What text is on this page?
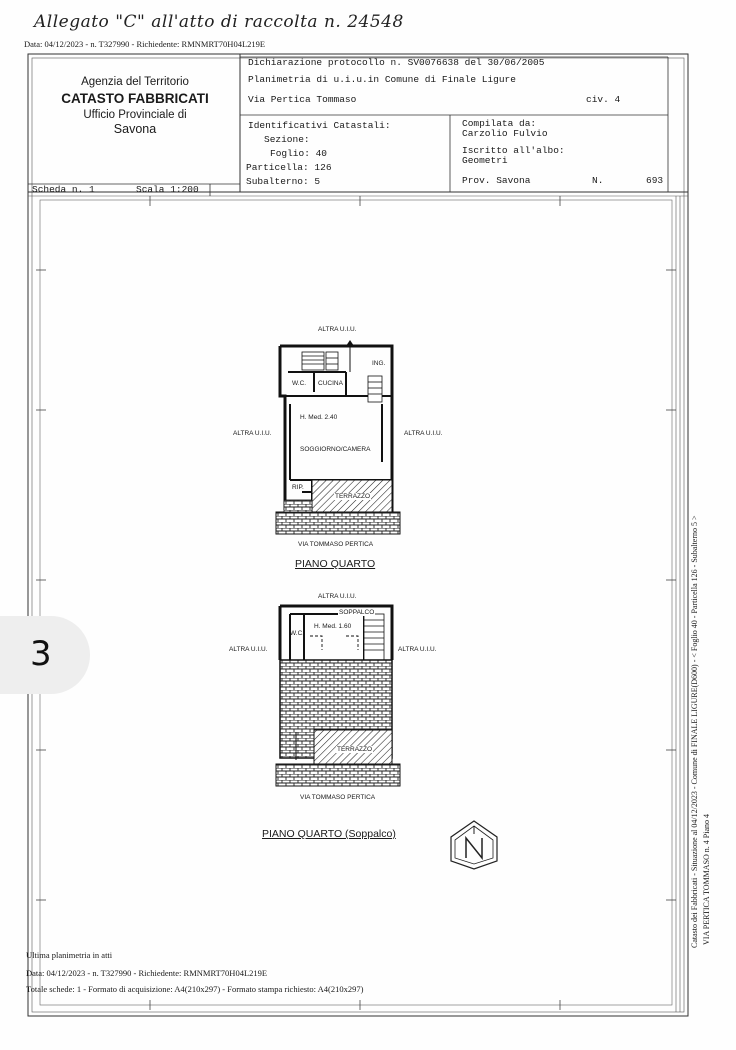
Allegato "C" all'atto di raccolta n. 24548
Data: 04/12/2023 - n. T327990 - Richiedente: RMNMRT70H04L219E
Agenzia del Territorio
CATASTO FABBRICATI
Ufficio Provinciale di
Savona
Dichiarazione protocollo n. SV0076638 del 30/06/2005
Planimetria di u.i.u.in Comune di Finale Ligure
Via Pertica Tommaso	civ. 4
Identificativi Catastali:
Sezione:
Foglio: 40
Particella: 126
Subalterno: 5
Compilata da:
Carzolio Fulvio
Iscritto all'albo:
Geometri
Prov. Savona	N.	693
Scheda n. 1	Scala 1:200
ALTRA U.I.U.
ALTRA U.I.U.	ALTRA U.I.U.
ING.
W.C. CUCINA
H. Med. 2.40
SOGGIORNO/CAMERA
RIP.
TERRAZZO
VIA TOMMASO PERTICA
PIANO QUARTO
ALTRA U.I.U.
ALTRA U.I.U.	ALTRA U.I.U.
SOPPALCO
W.C.
H. Med. 1.60
TERRAZZO
VIA TOMMASO PERTICA
PIANO QUARTO (Soppalco)	Catasto dei Fabbricati - Situazione al 04/12/2023 - Comune di FINALE LIGURE(D600) - < Foglio 40 - Particella 126 - Subalterno 5 > VIA PERTICA TOMMASO n. 4 Piano 4
Ultima planimetria in atti
Data: 04/12/2023 - n. T327990 - Richiedente: RMNMRT70H04L219E
Totale schede: 1 - Formato di acquisizione: A4(210x297) - Formato stampa richiesto: A4(210x297)
3
